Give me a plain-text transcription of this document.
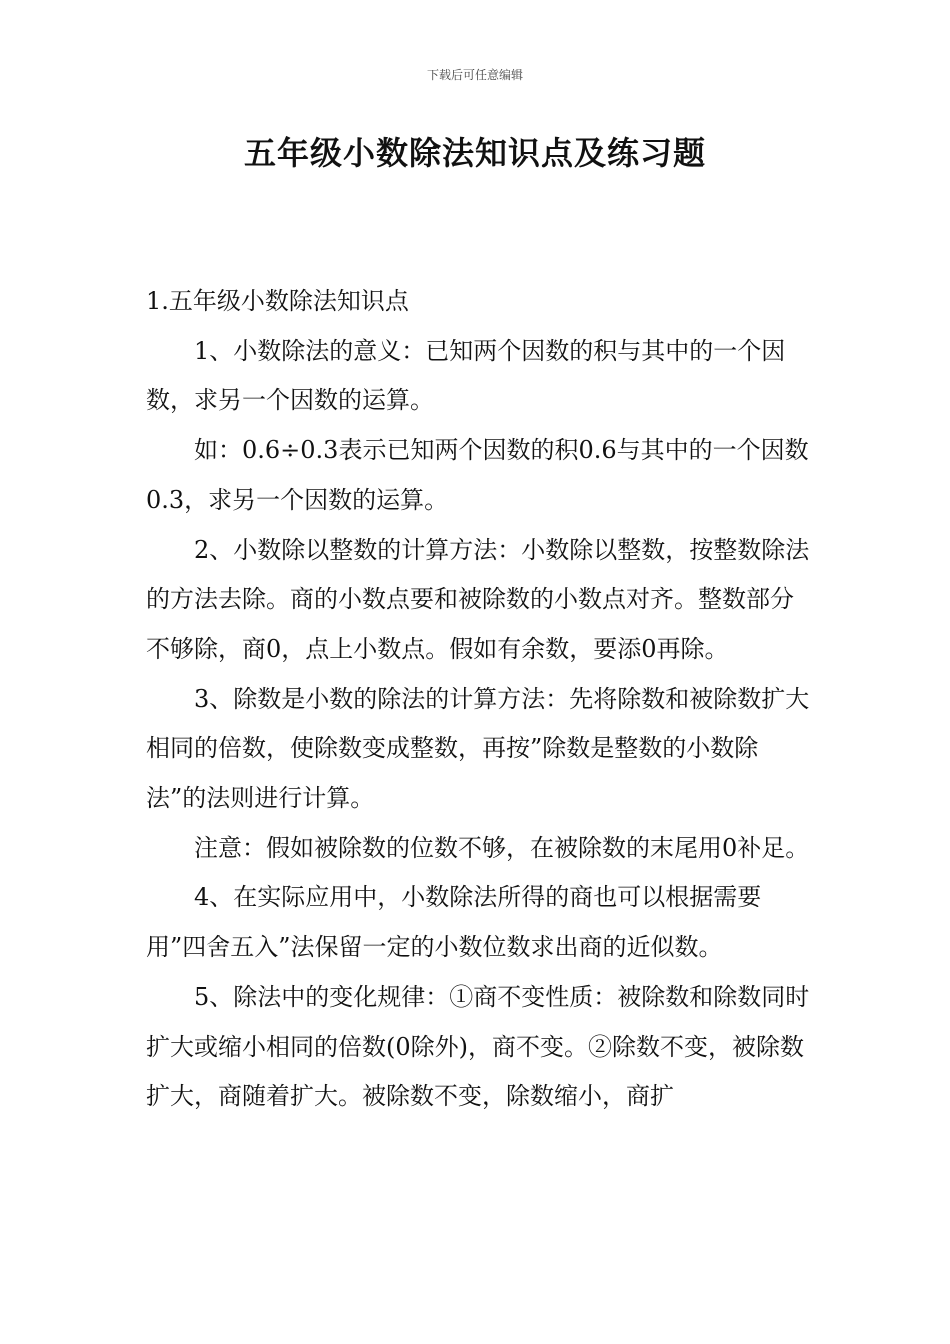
下载后可任意编辑
五年级小数除法知识点及练习题

1.五年级小数除法知识点

1、小数除法的意义：已知两个因数的积与其中的一个因数，求另一个因数的运算。

如：0.6÷0.3表示已知两个因数的积0.6与其中的一个因数0.3，求另一个因数的运算。

2、小数除以整数的计算方法：小数除以整数，按整数除法的方法去除。商的小数点要和被除数的小数点对齐。整数部分不够除，商0，点上小数点。假如有余数，要添0再除。

3、除数是小数的除法的计算方法：先将除数和被除数扩大相同的倍数，使除数变成整数，再按”除数是整数的小数除法”的法则进行计算。

注意：假如被除数的位数不够，在被除数的末尾用0补足。

4、在实际应用中，小数除法所得的商也可以根据需要用”四舍五入”法保留一定的小数位数求出商的近似数。

5、除法中的变化规律：①商不变性质：被除数和除数同时扩大或缩小相同的倍数(0除外)，商不变。②除数不变，被除数扩大，商随着扩大。被除数不变，除数缩小，商扩
